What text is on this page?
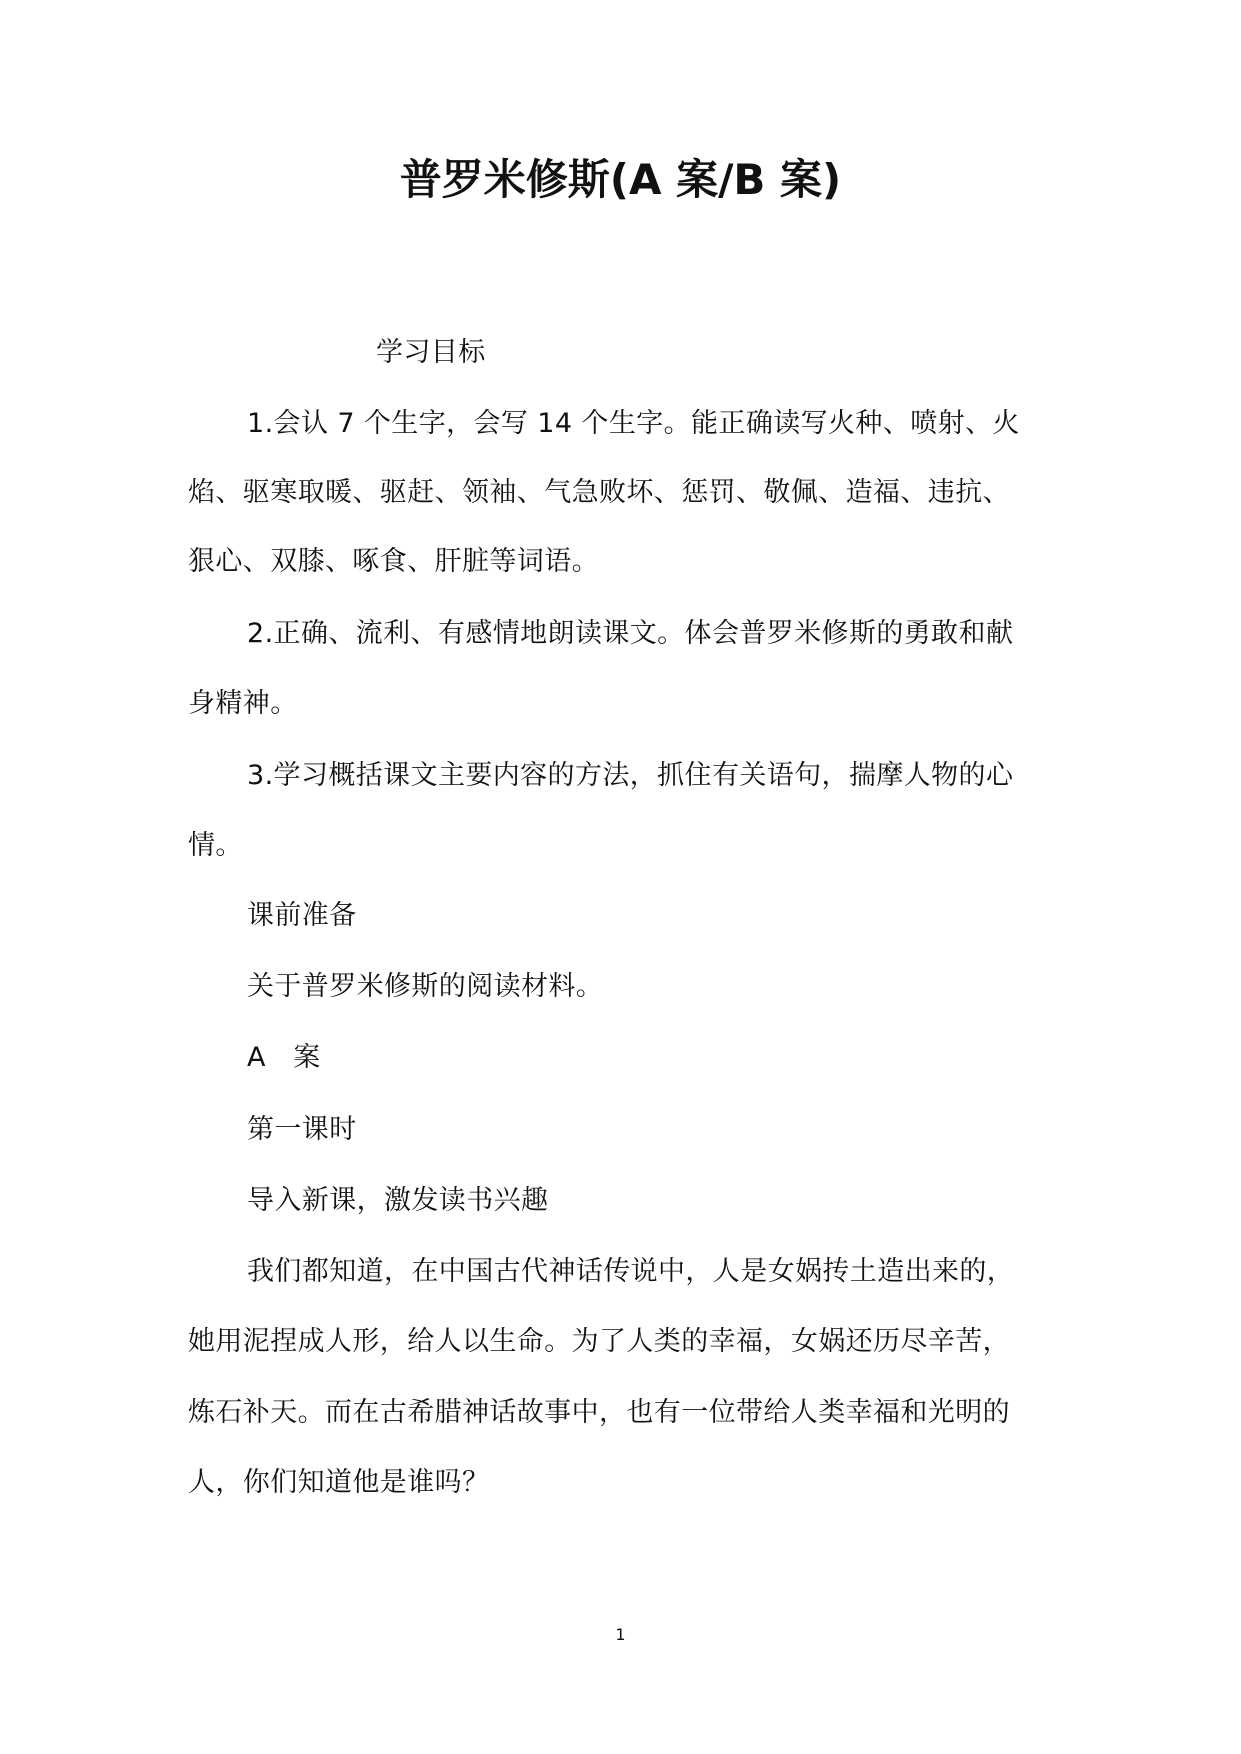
普罗米修斯(A 案/B 案)
学习目标
1.会认 7 个生字，会写 14 个生字。能正确读写火种、喷射、火
焰、驱寒取暖、驱赶、领袖、气急败坏、惩罚、敬佩、造福、违抗、
狠心、双膝、啄食、肝脏等词语。
2.正确、流利、有感情地朗读课文。体会普罗米修斯的勇敢和献
身精神。
3.学习概括课文主要内容的方法，抓住有关语句，揣摩人物的心
情。
课前准备
关于普罗米修斯的阅读材料。
A　案
第一课时
导入新课，激发读书兴趣
我们都知道，在中国古代神话传说中，人是女娲抟土造出来的，
她用泥捏成人形，给人以生命。为了人类的幸福，女娲还历尽辛苦，
炼石补天。而在古希腊神话故事中，也有一位带给人类幸福和光明的
人，你们知道他是谁吗？
1
